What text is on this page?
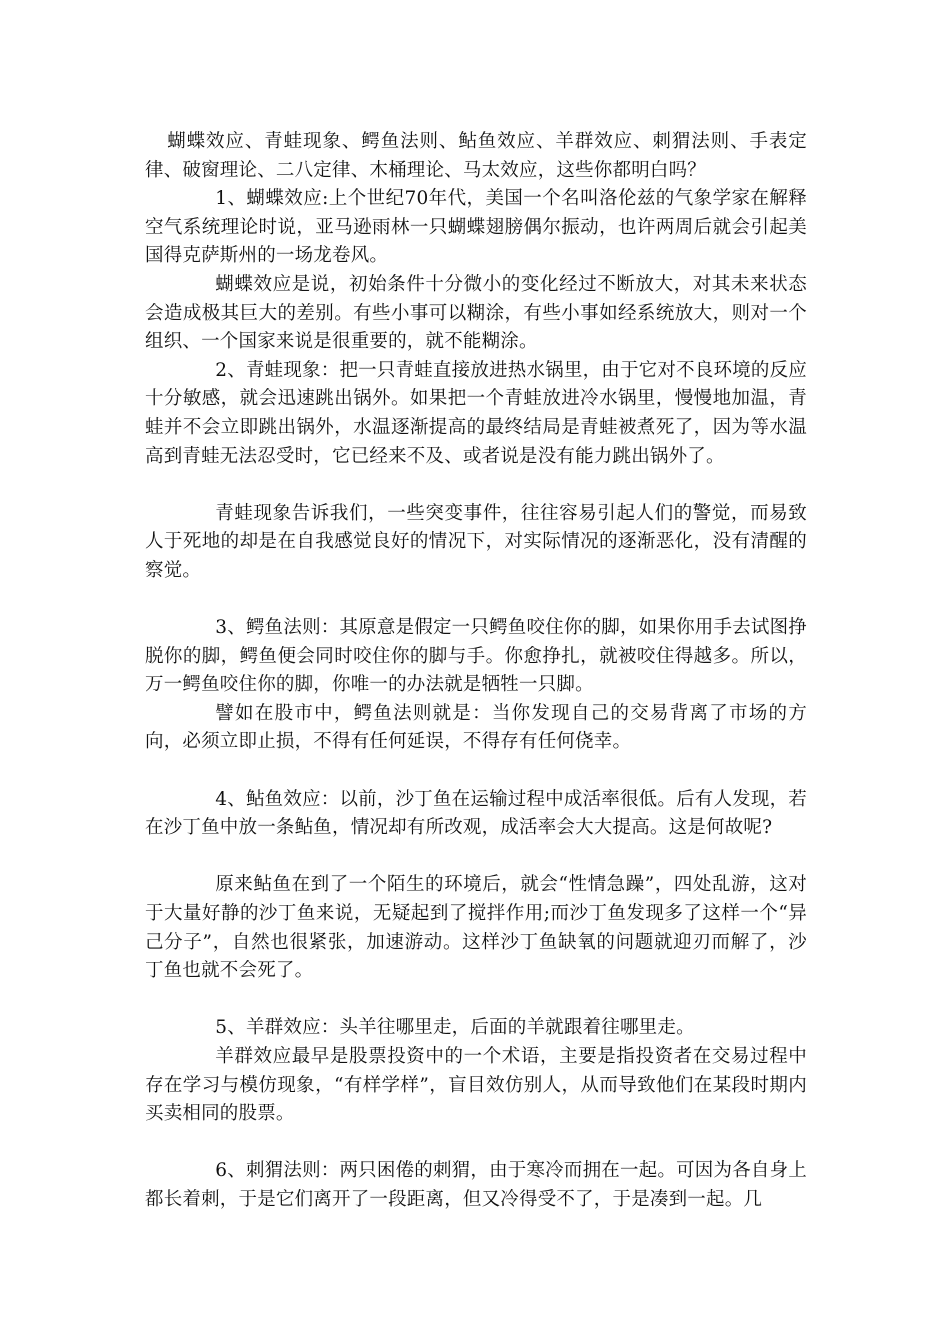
蝴蝶效应、青蛙现象、鳄鱼法则、鲇鱼效应、羊群效应、刺猬法则、手表定律、破窗理论、二八定律、木桶理论、马太效应，这些你都明白吗？

1、蝴蝶效应:上个世纪70年代，美国一个名叫洛伦兹的气象学家在解释空气系统理论时说，亚马逊雨林一只蝴蝶翅膀偶尔振动，也许两周后就会引起美国得克萨斯州的一场龙卷风。

蝴蝶效应是说，初始条件十分微小的变化经过不断放大，对其未来状态会造成极其巨大的差别。有些小事可以糊涂，有些小事如经系统放大，则对一个组织、一个国家来说是很重要的，就不能糊涂。

2、青蛙现象：把一只青蛙直接放进热水锅里，由于它对不良环境的反应十分敏感，就会迅速跳出锅外。如果把一个青蛙放进冷水锅里，慢慢地加温，青蛙并不会立即跳出锅外，水温逐渐提高的最终结局是青蛙被煮死了，因为等水温高到青蛙无法忍受时，它已经来不及、或者说是没有能力跳出锅外了。

青蛙现象告诉我们，一些突变事件，往往容易引起人们的警觉，而易致人于死地的却是在自我感觉良好的情况下，对实际情况的逐渐恶化，没有清醒的察觉。

3、鳄鱼法则：其原意是假定一只鳄鱼咬住你的脚，如果你用手去试图挣脱你的脚，鳄鱼便会同时咬住你的脚与手。你愈挣扎，就被咬住得越多。所以，万一鳄鱼咬住你的脚，你唯一的办法就是牺牲一只脚。

譬如在股市中，鳄鱼法则就是：当你发现自己的交易背离了市场的方向，必须立即止损，不得有任何延误，不得存有任何侥幸。

4、鲇鱼效应：以前，沙丁鱼在运输过程中成活率很低。后有人发现，若在沙丁鱼中放一条鲇鱼，情况却有所改观，成活率会大大提高。这是何故呢?

原来鲇鱼在到了一个陌生的环境后，就会“性情急躁”，四处乱游，这对于大量好静的沙丁鱼来说，无疑起到了搅拌作用;而沙丁鱼发现多了这样一个“异己分子”，自然也很紧张，加速游动。这样沙丁鱼缺氧的问题就迎刃而解了，沙丁鱼也就不会死了。

5、羊群效应：头羊往哪里走，后面的羊就跟着往哪里走。

羊群效应最早是股票投资中的一个术语，主要是指投资者在交易过程中存在学习与模仿现象，“有样学样”，盲目效仿别人，从而导致他们在某段时期内买卖相同的股票。

6、刺猬法则：两只困倦的刺猬，由于寒冷而拥在一起。可因为各自身上都长着刺，于是它们离开了一段距离，但又冷得受不了，于是凑到一起。几
